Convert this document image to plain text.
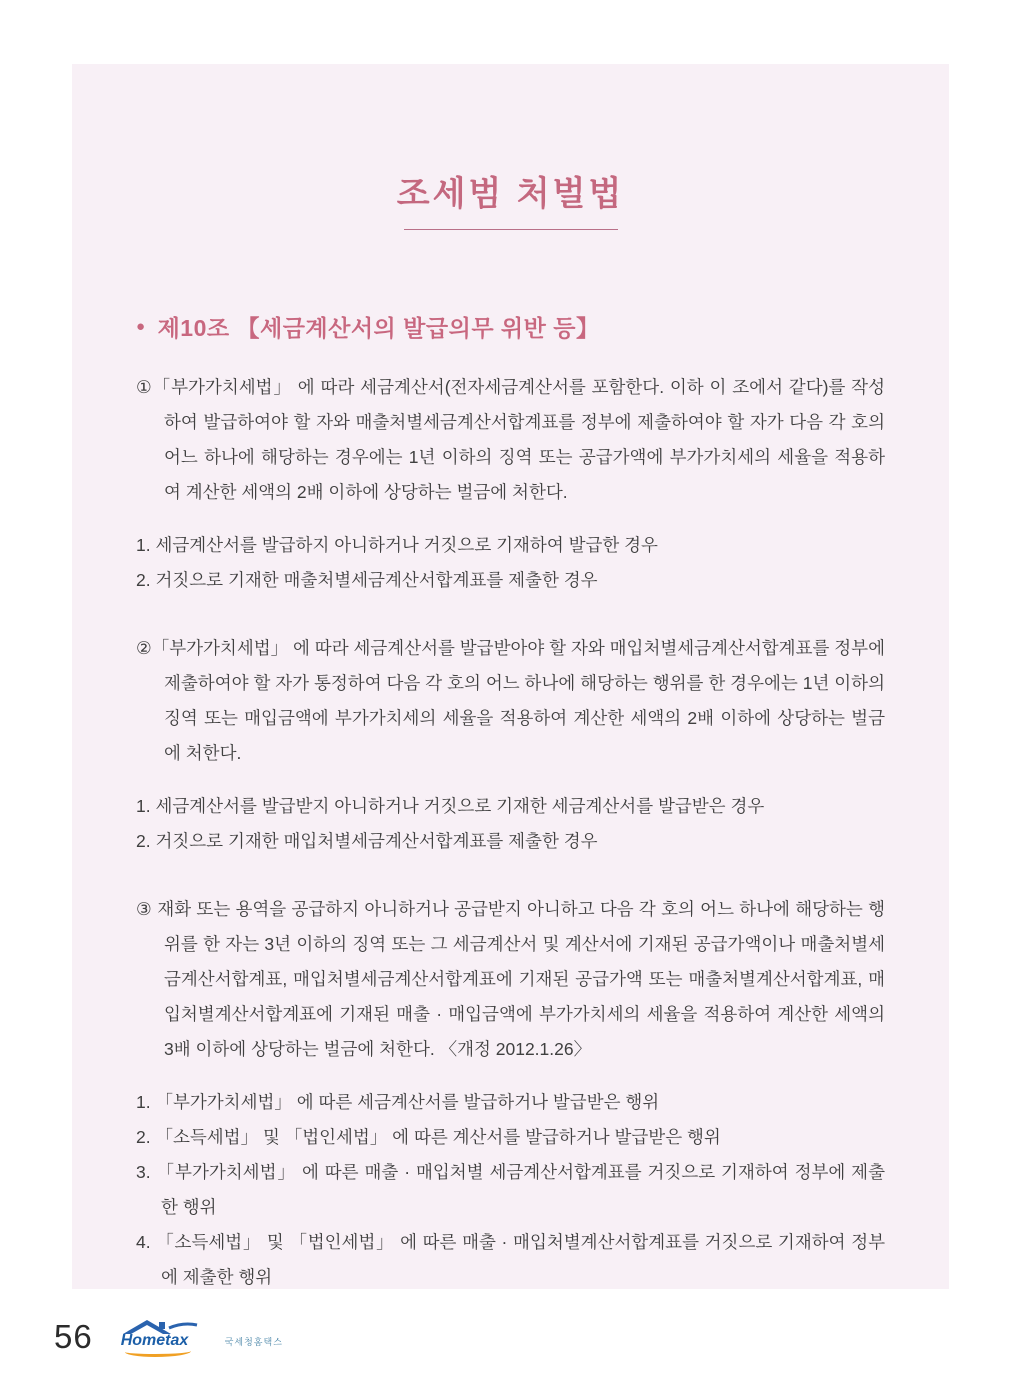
조세범 처벌법
● 제10조 【세금계산서의 발급의무 위반 등】
①「부가가치세법」 에 따라 세금계산서(전자세금계산서를 포함한다. 이하 이 조에서 같다)를 작성하여 발급하여야 할 자와 매출처별세금계산서합계표를 정부에 제출하여야 할 자가 다음 각 호의 어느 하나에 해당하는 경우에는 1년 이하의 징역 또는 공급가액에 부가가치세의 세율을 적용하여 계산한 세액의 2배 이하에 상당하는 벌금에 처한다.
1. 세금계산서를 발급하지 아니하거나 거짓으로 기재하여 발급한 경우
2. 거짓으로 기재한 매출처별세금계산서합계표를 제출한 경우
②「부가가치세법」 에 따라 세금계산서를 발급받아야 할 자와 매입처별세금계산서합계표를 정부에 제출하여야 할 자가 통정하여 다음 각 호의 어느 하나에 해당하는 행위를 한 경우에는 1년 이하의 징역 또는 매입금액에 부가가치세의 세율을 적용하여 계산한 세액의 2배 이하에 상당하는 벌금에 처한다.
1. 세금계산서를 발급받지 아니하거나 거짓으로 기재한 세금계산서를 발급받은 경우
2. 거짓으로 기재한 매입처별세금계산서합계표를 제출한 경우
③ 재화 또는 용역을 공급하지 아니하거나 공급받지 아니하고 다음 각 호의 어느 하나에 해당하는 행위를 한 자는 3년 이하의 징역 또는 그 세금계산서 및 계산서에 기재된 공급가액이나 매출처별세금계산서합계표, 매입처별세금계산서합계표에 기재된 공급가액 또는 매출처별계산서합계표, 매입처별계산서합계표에 기재된 매출 · 매입금액에 부가가치세의 세율을 적용하여 계산한 세액의 3배 이하에 상당하는 벌금에 처한다. 〈개정 2012.1.26〉
1. 「부가가치세법」 에 따른 세금계산서를 발급하거나 발급받은 행위
2. 「소득세법」 및 「법인세법」 에 따른 계산서를 발급하거나 발급받은 행위
3. 「부가가치세법」 에 따른 매출 · 매입처별 세금계산서합계표를 거짓으로 기재하여 정부에 제출한 행위
4. 「소득세법」 및 「법인세법」 에 따른 매출 · 매입처별계산서합계표를 거짓으로 기재하여 정부에 제출한 행위
56 Hometax	국세청홈택스
